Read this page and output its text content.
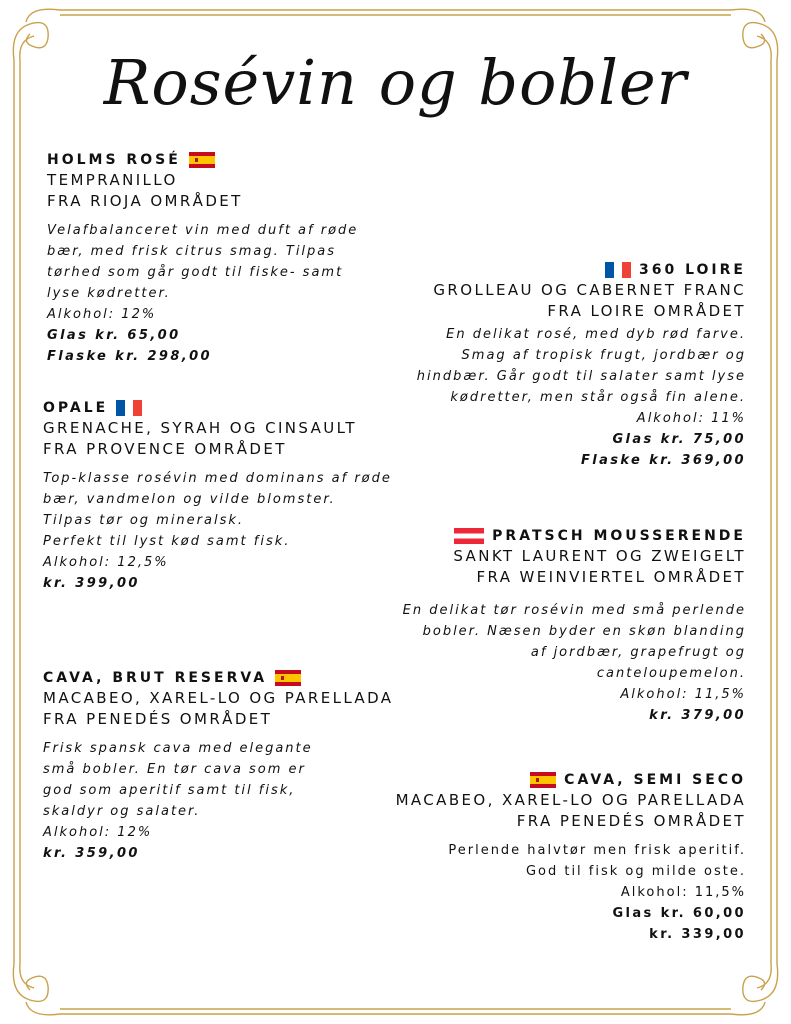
Rosévin og bobler
HOLMS ROSÉ
TEMPRANILLO
FRA RIOJA OMRÅDET
Velafbalanceret vin med duft af røde
bær, med frisk citrus smag. Tilpas
tørhed som går godt til fiske- samt
lyse kødretter.
Alkohol: 12%
Glas kr. 65,00
Flaske kr. 298,00
360 LOIRE
GROLLEAU OG CABERNET FRANC
FRA LOIRE OMRÅDET
En delikat rosé, med dyb rød farve.
Smag af tropisk frugt, jordbær og
hindbær. Går godt til salater samt lyse
kødretter, men står også fin alene.
Alkohol: 11%
Glas kr. 75,00
Flaske kr. 369,00
OPALE
GRENACHE, SYRAH OG CINSAULT
FRA PROVENCE OMRÅDET
Top-klasse rosévin med dominans af røde
bær, vandmelon og vilde blomster.
Tilpas tør og mineralsk.
Perfekt til lyst kød samt fisk.
Alkohol: 12,5%
kr. 399,00
PRATSCH MOUSSERENDE
SANKT LAURENT OG ZWEIGELT
FRA WEINVIERTEL OMRÅDET
En delikat tør rosévin med små perlende
bobler. Næsen byder en skøn blanding
af jordbær, grapefrugt og
canteloupemelon.
Alkohol: 11,5%
kr. 379,00
CAVA, BRUT RESERVA
MACABEO, XAREL-LO OG PARELLADA
FRA PENEDÉS OMRÅDET
Frisk spansk cava med elegante
små bobler. En tør cava som er
god som aperitif samt til fisk,
skaldyr og salater.
Alkohol: 12%
kr. 359,00
CAVA, SEMI SECO
MACABEO, XAREL-LO OG PARELLADA
FRA PENEDÉS OMRÅDET
Perlende halvtør men frisk aperitif.
God til fisk og milde oste.
Alkohol: 11,5%
Glas kr. 60,00
kr. 339,00
